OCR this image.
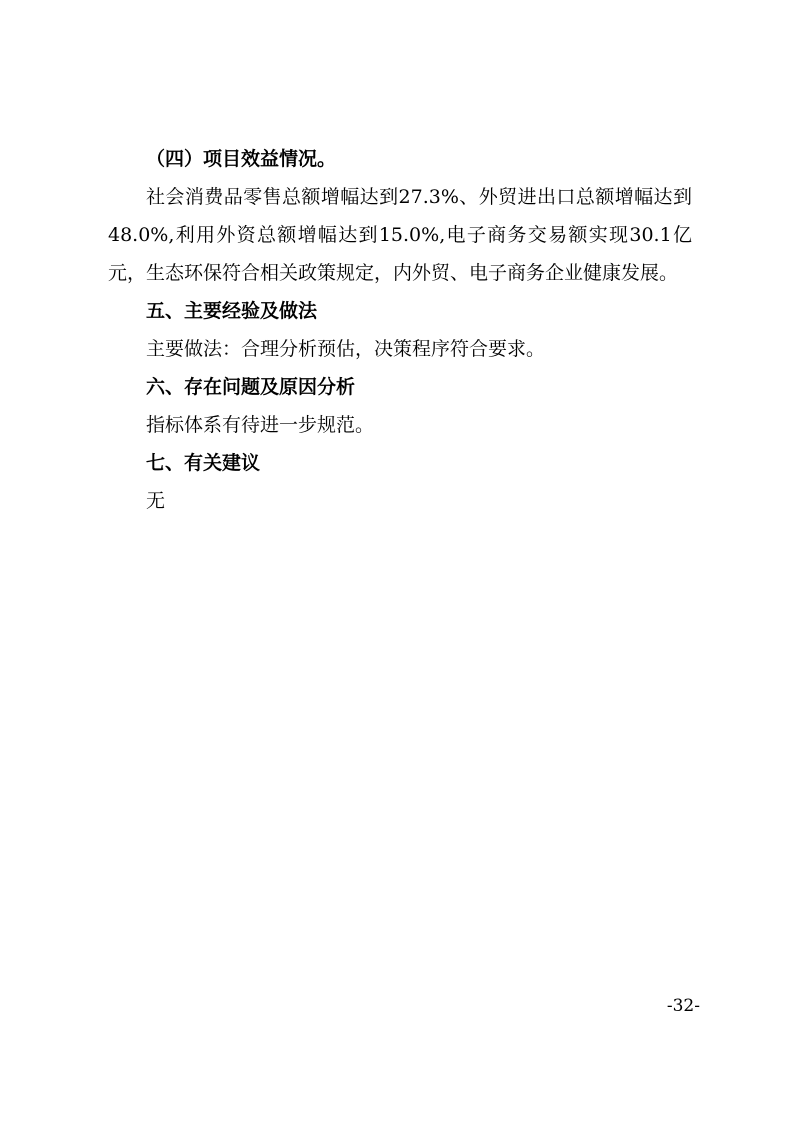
（四）项目效益情况。

社会消费品零售总额增幅达到27.3%、外贸进出口总额增幅达到48.0%,利用外资总额增幅达到15.0%,电子商务交易额实现30.1亿元，生态环保符合相关政策规定，内外贸、电子商务企业健康发展。

五、主要经验及做法
主要做法：合理分析预估，决策程序符合要求。
六、存在问题及原因分析
指标体系有待进一步规范。
七、有关建议
无
-32-
